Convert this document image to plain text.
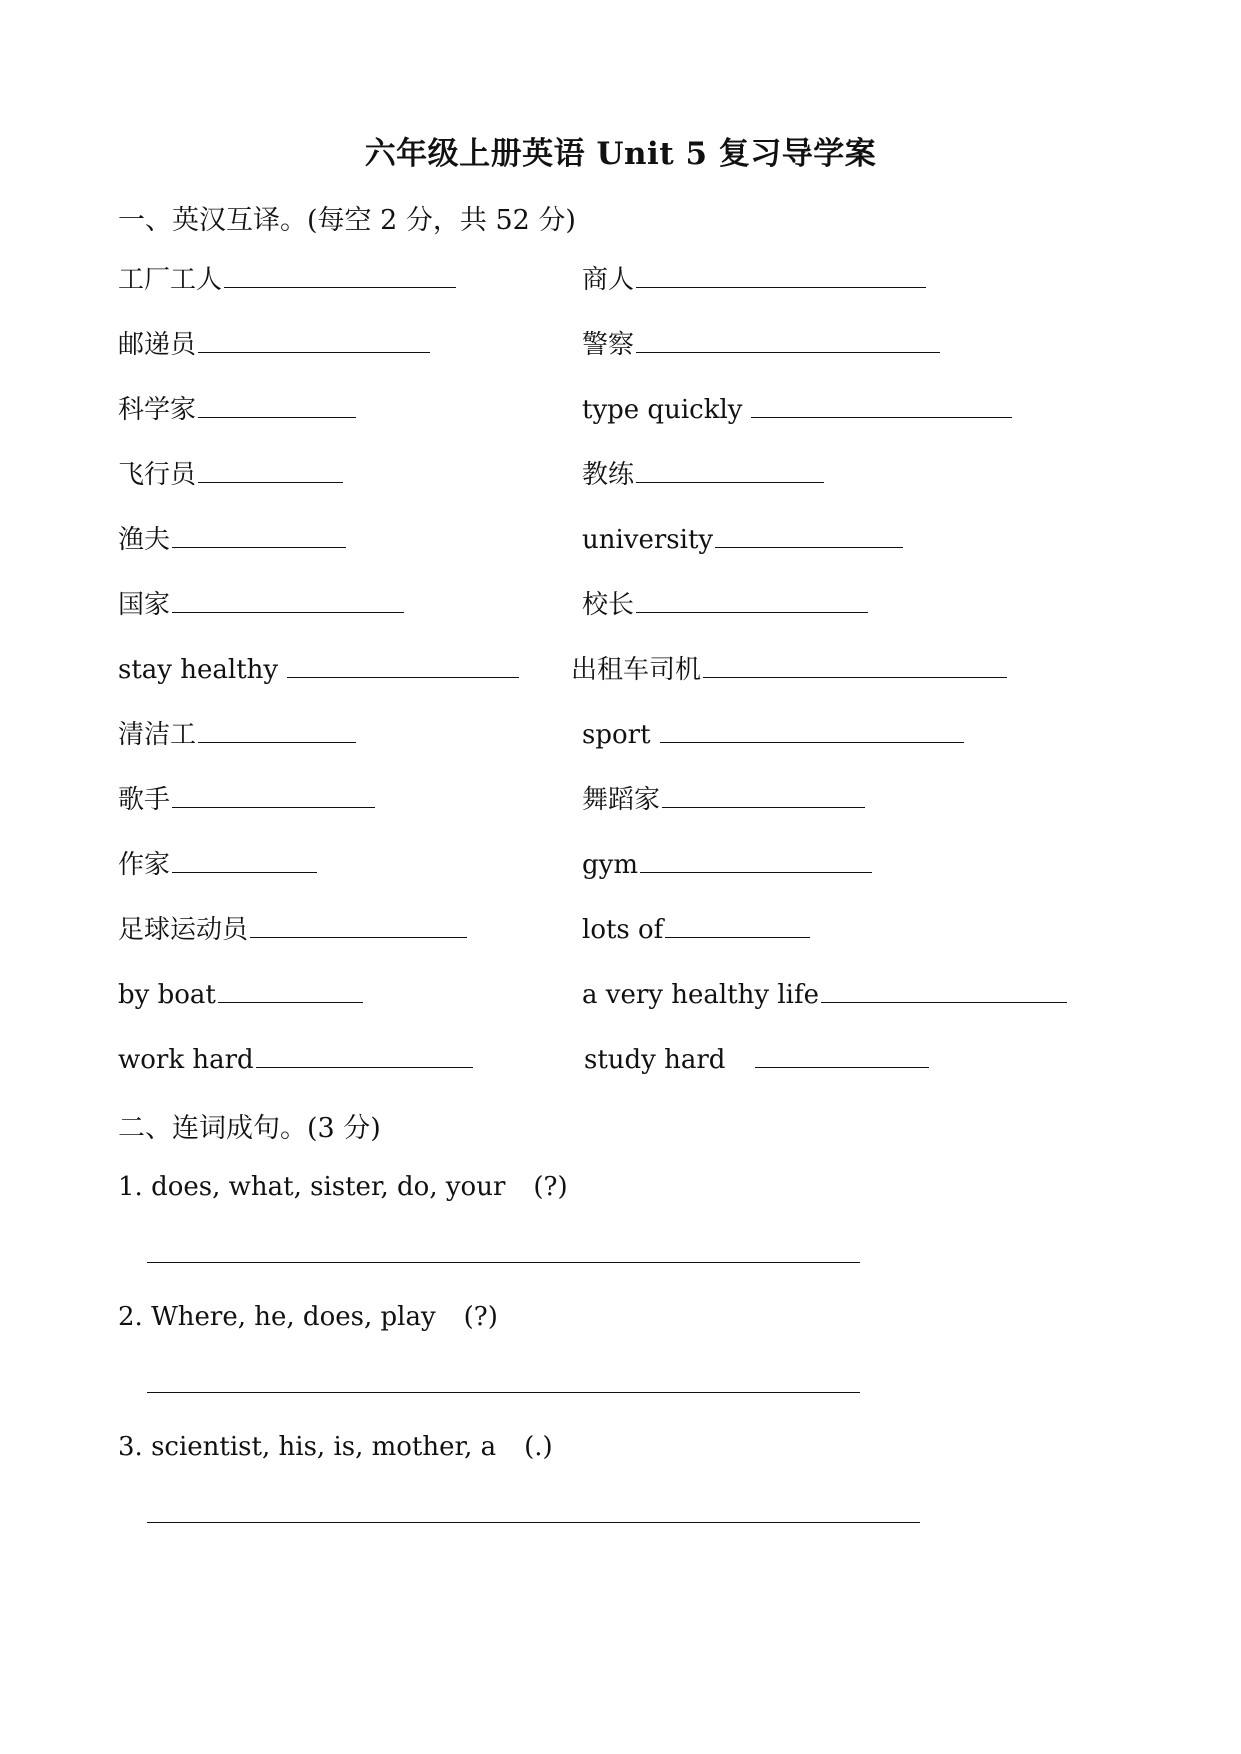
六年级上册英语 Unit 5 复习导学案
一、英汉互译。(每空 2 分，共 52 分)
工厂工人
邮递员
科学家
飞行员
渔夫
国家
stay healthy
清洁工
歌手
作家
足球运动员
by boat
work hard
商人
警察
type quickly
教练
university
校长
出租车司机
sport
舞蹈家
gym
lots of
a very healthy life
study hard
二、连词成句。(3 分)
1. does, what, sister, do, your (?)
2. Where, he, does, play (?)
3. scientist, his, is, mother, a (.)
